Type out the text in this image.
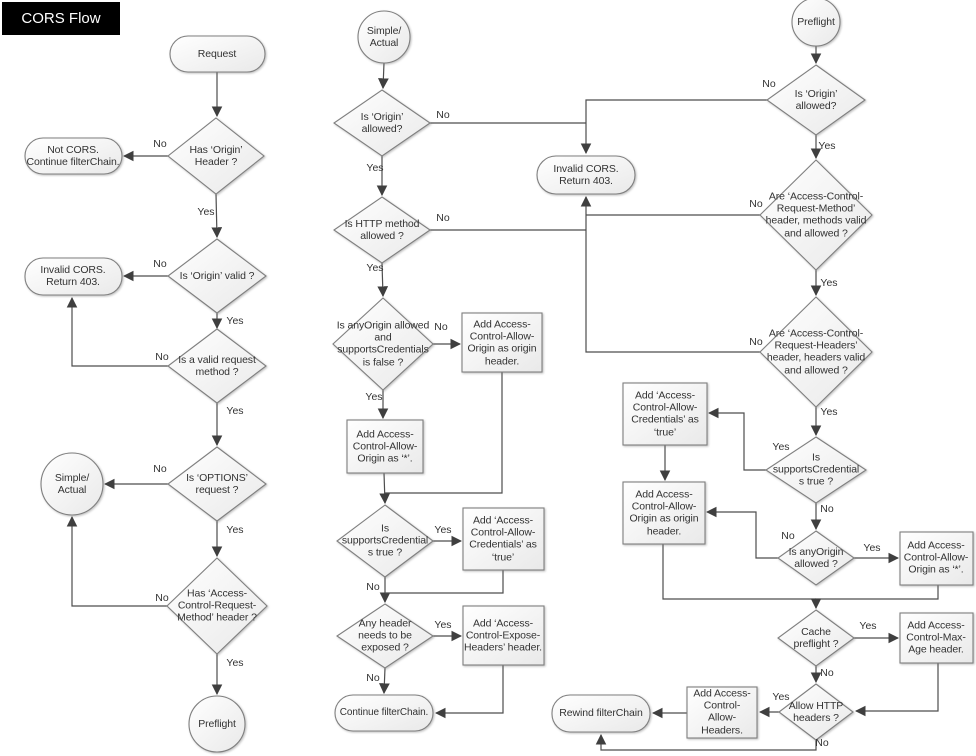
Request
Has ‘Origin’ Header ?
Not CORS. Continue filterChain.
Is ‘Origin’ valid ?
Invalid CORS. Return 403.
Is a valid request method ?
Simple/ Actual
Is ‘OPTIONS’ request ?
Has ‘Access-Control-Request-Method’ header ?
Preflight
Simple/ Actual
Is ‘Origin’ allowed?
Is HTTP method allowed ?
Is anyOrigin allowed and supportsCredentials is false ?
Add Access-Control-Allow-Origin as origin header.
Add Access-Control-Allow-Origin as ‘*’.
Is supportsCredentials true ?
Add ‘Access-Control-Allow-Credentials’ as ‘true’
Any header needs to be exposed ?
Add ‘Access-Control-Expose-Headers’ header.
Continue filterChain.
Invalid CORS. Return 403.
Preflight
Is ‘Origin’ allowed?
Are ‘Access-Control-Request-Method’ header, methods valid and allowed ?
Are ‘Access-Control-Request-Headers’ header, headers valid and allowed ?
Is supportsCredentials true ?
Add ‘Access-Control-Allow-Credentials’ as ‘true’
Add Access-Control-Allow-Origin as origin header.
Is anyOrigin allowed ?
Add Access-Control-Allow-Origin as ‘*’.
Cache preflight ?
Add Access-Control-Max-Age header.
Allow HTTP headers ?
Add Access-Control-Allow-Headers.
Rewind filterChain
No
Yes
No
Yes
No
Yes
No
Yes
No
Yes
No
Yes
No
Yes
No
Yes
Yes
No
Yes
No
No
Yes
No
Yes
No
Yes
Yes
No
No
Yes
Yes
No
Yes
No
CORS Flow Chart
